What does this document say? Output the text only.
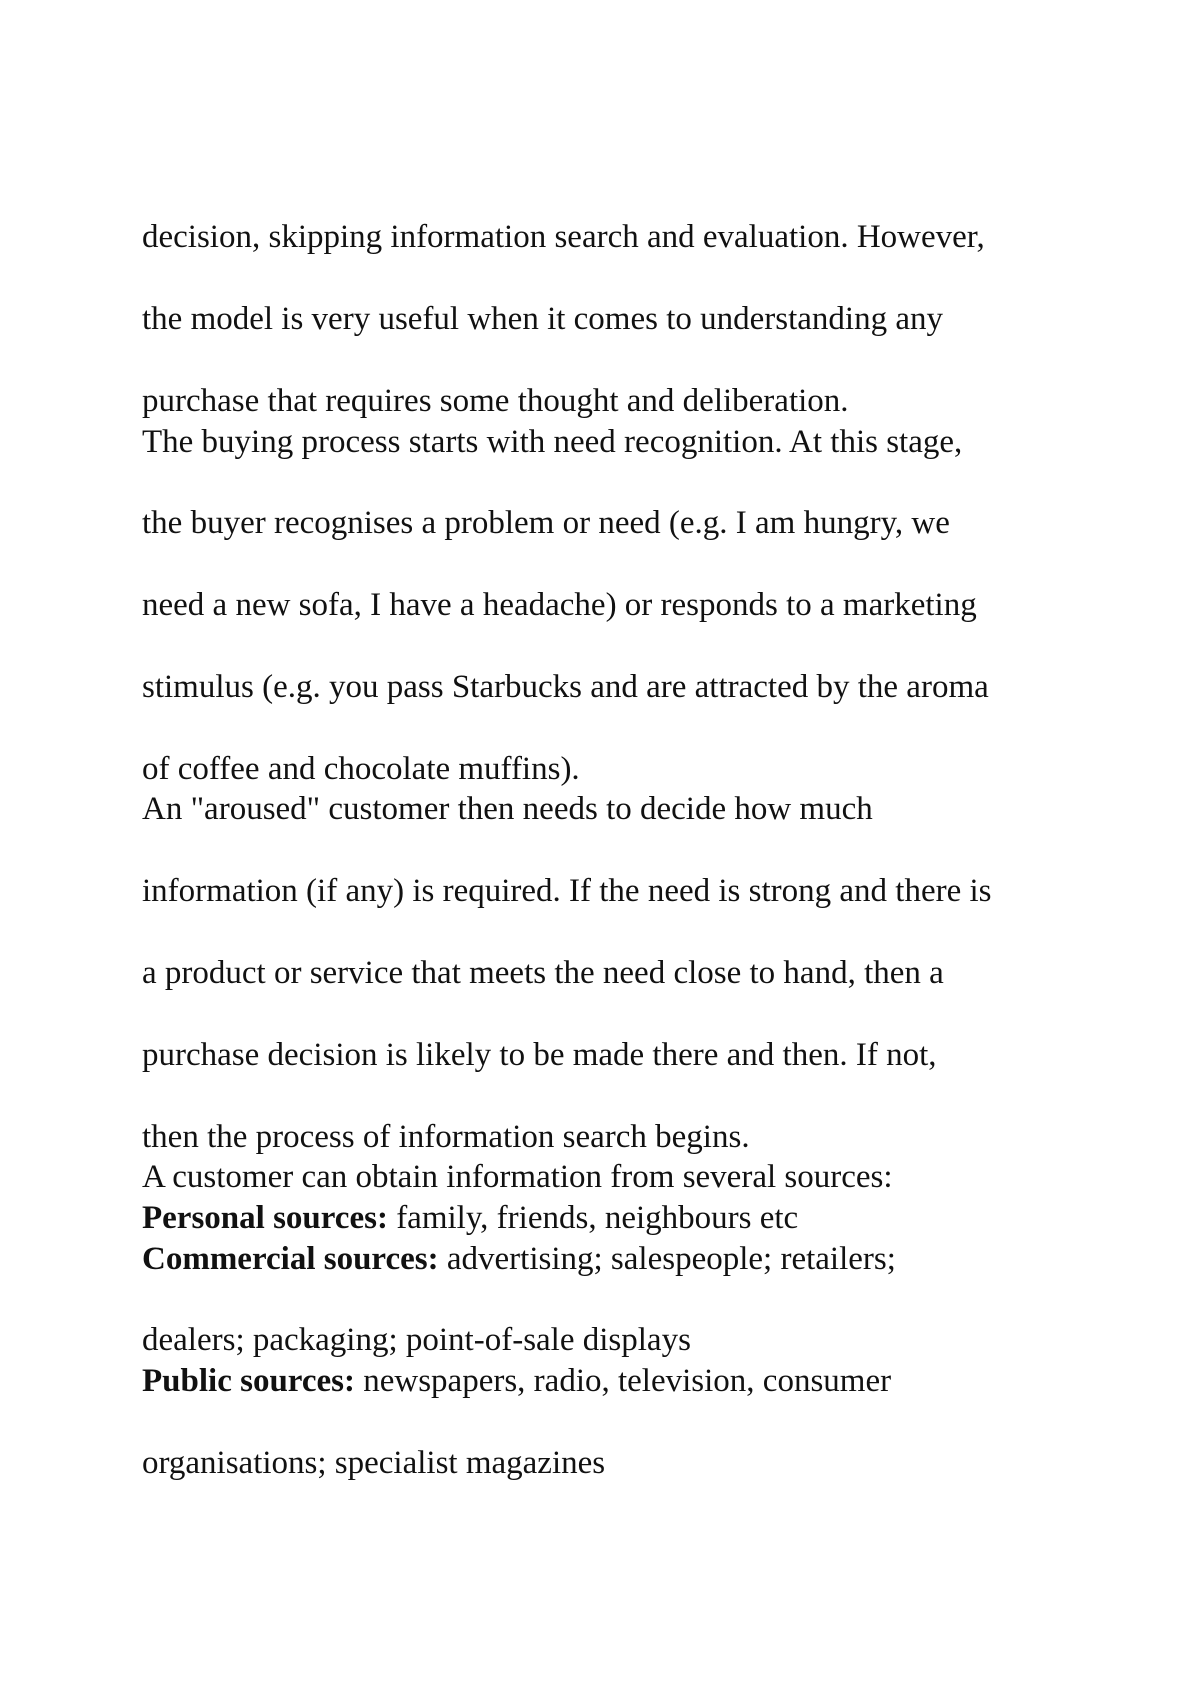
decision, skipping information search and evaluation. However,

the model is very useful when it comes to understanding any

purchase that requires some thought and deliberation.

The buying process starts with need recognition. At this stage,

the buyer recognises a problem or need (e.g. I am hungry, we

need a new sofa, I have a headache) or responds to a marketing

stimulus (e.g. you pass Starbucks and are attracted by the aroma

of coffee and chocolate muffins).

An "aroused" customer then needs to decide how much

information (if any) is required. If the need is strong and there is

a product or service that meets the need close to hand, then a

purchase decision is likely to be made there and then. If not,

then the process of information search begins.

A customer can obtain information from several sources:

Personal sources: family, friends, neighbours etc

Commercial sources: advertising; salespeople; retailers;

dealers; packaging; point-of-sale displays

Public sources: newspapers, radio, television, consumer

organisations; specialist magazines
